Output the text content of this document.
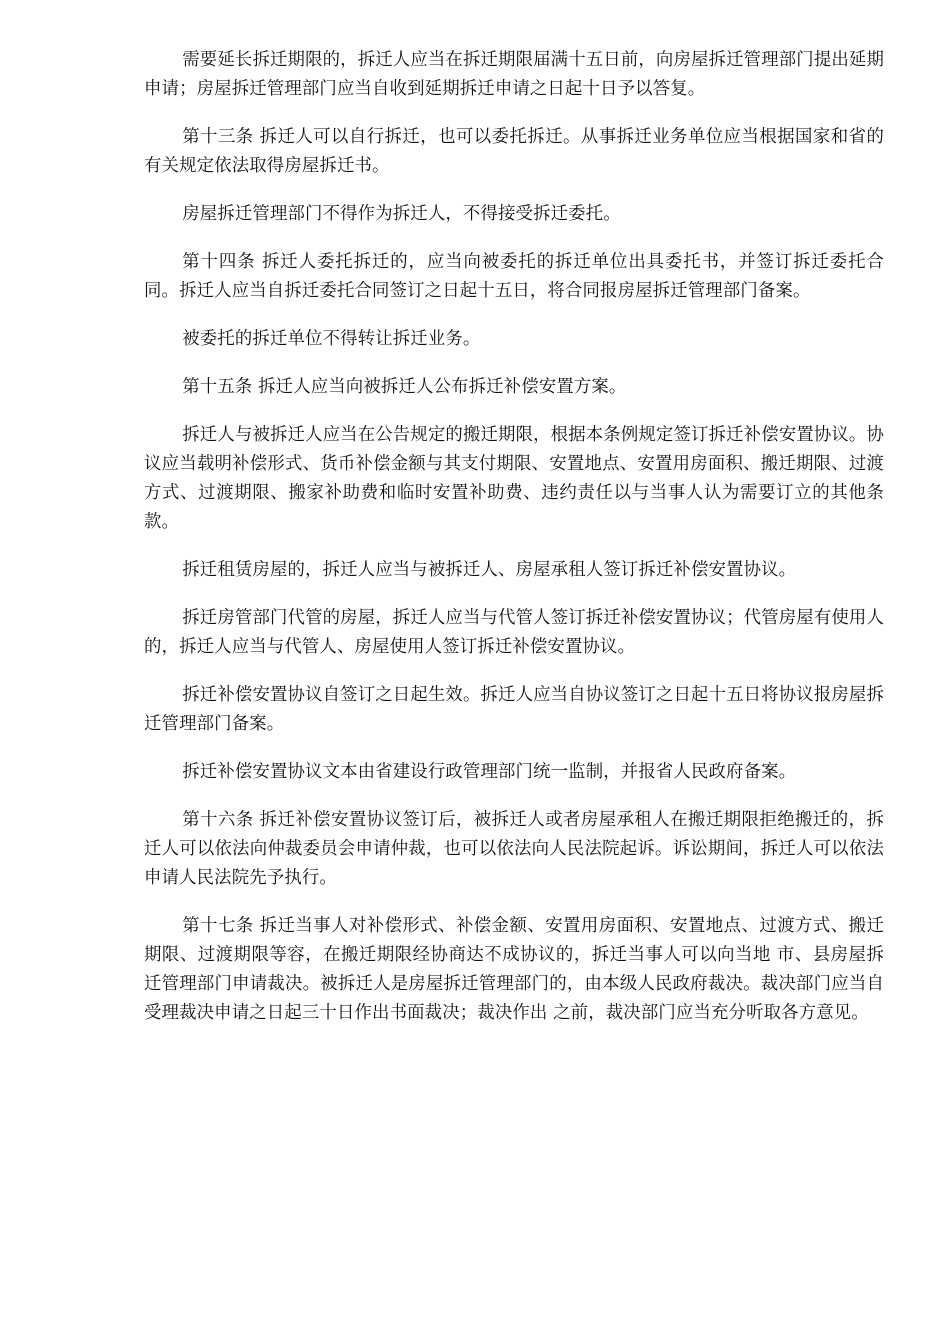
需要延长拆迁期限的，拆迁人应当在拆迁期限届满十五日前，向房屋拆迁管理部门提出延期申请；房屋拆迁管理部门应当自收到延期拆迁申请之日起十日予以答复。

第十三条 拆迁人可以自行拆迁，也可以委托拆迁。从事拆迁业务单位应当根据国家和省的有关规定依法取得房屋拆迁书。

房屋拆迁管理部门不得作为拆迁人，不得接受拆迁委托。

第十四条 拆迁人委托拆迁的，应当向被委托的拆迁单位出具委托书，并签订拆迁委托合同。拆迁人应当自拆迁委托合同签订之日起十五日，将合同报房屋拆迁管理部门备案。

被委托的拆迁单位不得转让拆迁业务。

第十五条 拆迁人应当向被拆迁人公布拆迁补偿安置方案。

拆迁人与被拆迁人应当在公告规定的搬迁期限，根据本条例规定签订拆迁补偿安置协议。协议应当载明补偿形式、货币补偿金额与其支付期限、安置地点、安置用房面积、搬迁期限、过渡方式、过渡期限、搬家补助费和临时安置补助费、违约责任以与当事人认为需要订立的其他条款。

拆迁租赁房屋的，拆迁人应当与被拆迁人、房屋承租人签订拆迁补偿安置协议。

拆迁房管部门代管的房屋，拆迁人应当与代管人签订拆迁补偿安置协议；代管房屋有使用人的，拆迁人应当与代管人、房屋使用人签订拆迁补偿安置协议。

拆迁补偿安置协议自签订之日起生效。拆迁人应当自协议签订之日起十五日将协议报房屋拆迁管理部门备案。

拆迁补偿安置协议文本由省建设行政管理部门统一监制，并报省人民政府备案。

第十六条 拆迁补偿安置协议签订后，被拆迁人或者房屋承租人在搬迁期限拒绝搬迁的，拆迁人可以依法向仲裁委员会申请仲裁，也可以依法向人民法院起诉。诉讼期间，拆迁人可以依法申请人民法院先予执行。

第十七条 拆迁当事人对补偿形式、补偿金额、安置用房面积、安置地点、过渡方式、搬迁期限、过渡期限等容，在搬迁期限经协商达不成协议的，拆迁当事人可以向当地 市、县房屋拆迁管理部门申请裁决。被拆迁人是房屋拆迁管理部门的，由本级人民政府裁决。裁决部门应当自受理裁决申请之日起三十日作出书面裁决；裁决作出 之前，裁决部门应当充分听取各方意见。
